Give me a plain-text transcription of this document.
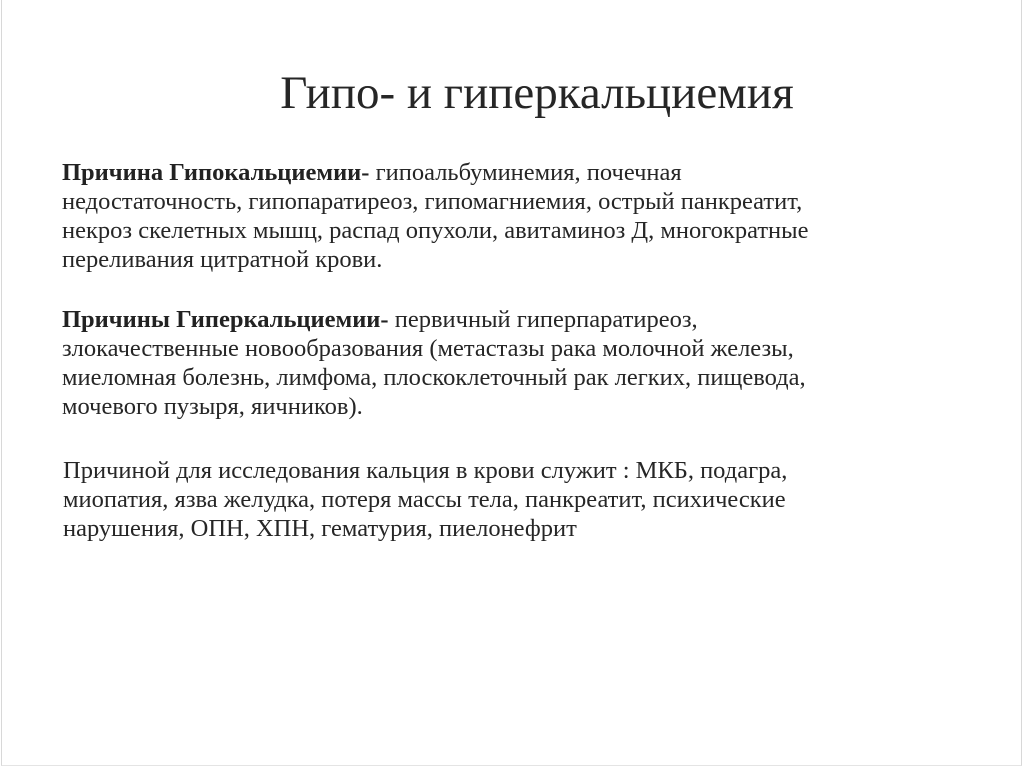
Гипо- и гиперкальциемия
Причина Гипокальциемии- гипоальбуминемия, почечная
недостаточность, гипопаратиреоз, гипомагниемия, острый панкреатит,
некроз скелетных мышц, распад опухоли, авитаминоз Д, многократные
переливания цитратной крови.
Причины Гиперкальциемии- первичный гиперпаратиреоз,
злокачественные новообразования (метастазы рака молочной железы,
миеломная болезнь, лимфома, плоскоклеточный рак легких, пищевода,
мочевого пузыря, яичников).
Причиной для исследования кальция в крови служит : МКБ, подагра,
миопатия, язва желудка, потеря массы тела, панкреатит, психические
нарушения, ОПН, ХПН, гематурия, пиелонефрит
